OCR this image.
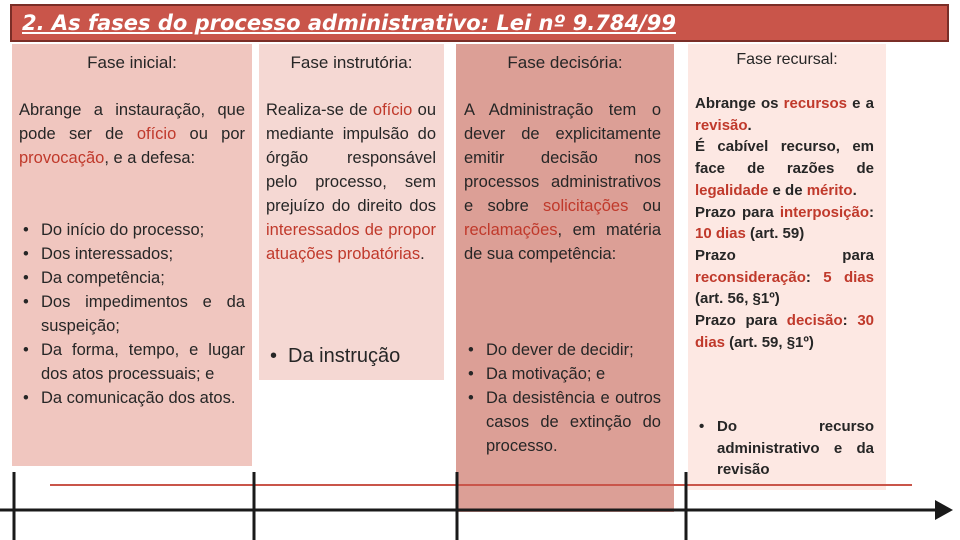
2. As fases do processo administrativo: Lei nº 9.784/99
Fase inicial:
Abrange a instauração, que pode ser de ofício ou por provocação, e a defesa:
• Do início do processo;
• Dos interessados;
• Da competência;
• Dos impedimentos e da suspeição;
• Da forma, tempo, e lugar dos atos processuais; e
• Da comunicação dos atos.
Fase instrutória:
Realiza-se de ofício ou mediante impulsão do órgão responsável pelo processo, sem prejuízo do direito dos interessados de propor atuações probatórias.
• Da instrução
Fase decisória:
A Administração tem o dever de explicitamente emitir decisão nos processos administrativos e sobre solicitações ou reclamações, em matéria de sua competência:
• Do dever de decidir;
• Da motivação; e
• Da desistência e outros casos de extinção do processo.
Fase recursal:
Abrange os recursos e a revisão.
É cabível recurso, em face de razões de legalidade e de mérito.
Prazo para interposição: 10 dias (art. 59)
Prazo para reconsideração: 5 dias (art. 56, §1º)
Prazo para decisão: 30 dias (art. 59, §1º)
• Do recurso administrativo e da revisão
